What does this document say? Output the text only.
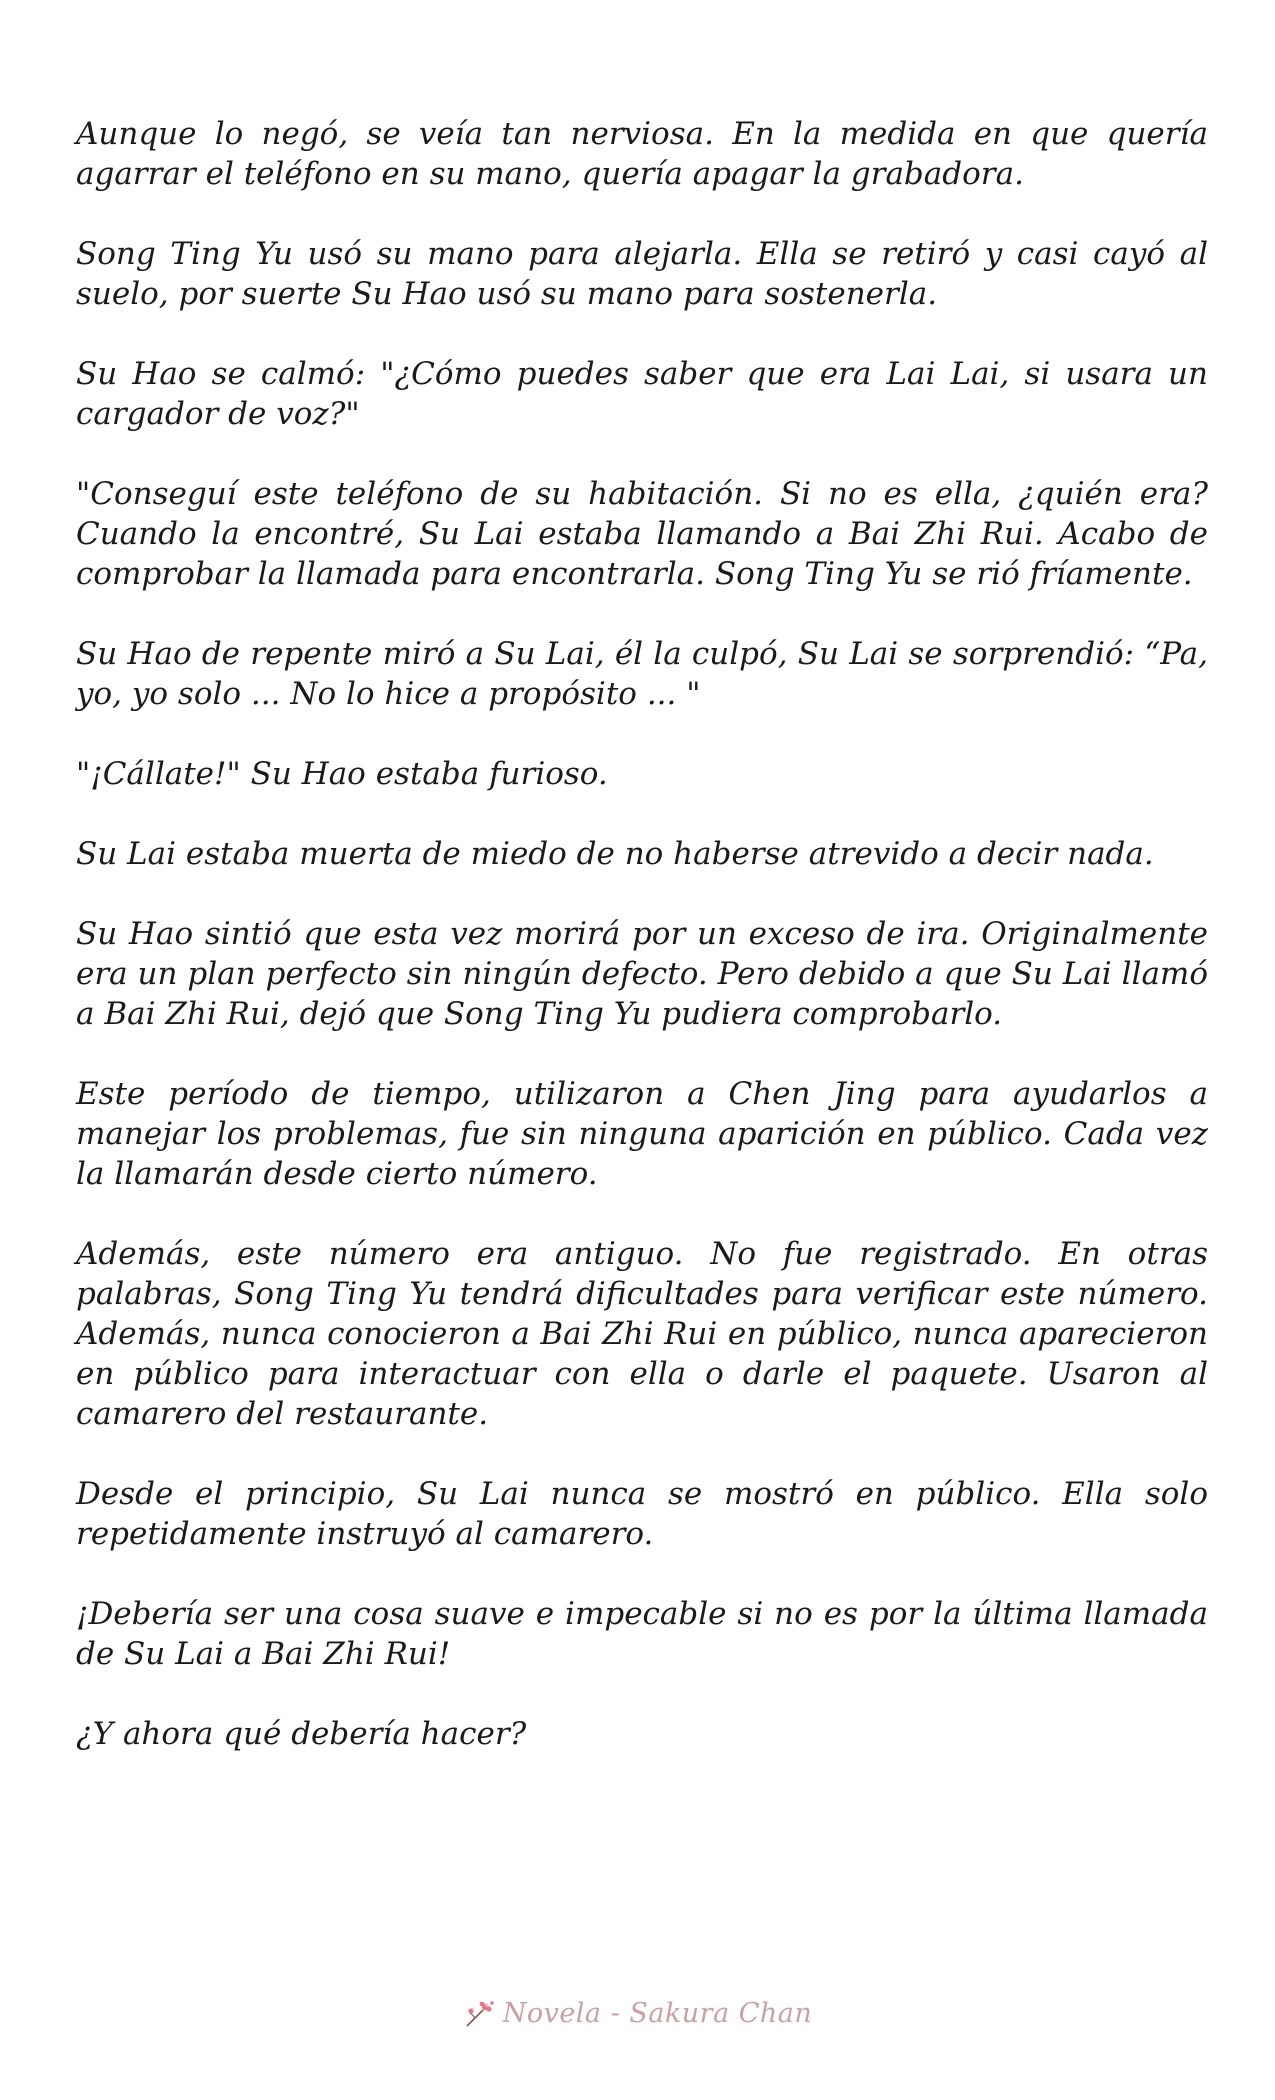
Aunque lo negó, se veía tan nerviosa. En la medida en que quería agarrar el teléfono en su mano, quería apagar la grabadora.

Song Ting Yu usó su mano para alejarla. Ella se retiró y casi cayó al suelo, por suerte Su Hao usó su mano para sostenerla.

Su Hao se calmó: "¿Cómo puedes saber que era Lai Lai, si usara un cargador de voz?"

"Conseguí este teléfono de su habitación. Si no es ella, ¿quién era? Cuando la encontré, Su Lai estaba llamando a Bai Zhi Rui. Acabo de comprobar la llamada para encontrarla. Song Ting Yu se rió fríamente.

Su Hao de repente miró a Su Lai, él la culpó, Su Lai se sorprendió: “Pa, yo, yo solo ... No lo hice a propósito ... "

"¡Cállate!" Su Hao estaba furioso.

Su Lai estaba muerta de miedo de no haberse atrevido a decir nada.

Su Hao sintió que esta vez morirá por un exceso de ira. Originalmente era un plan perfecto sin ningún defecto. Pero debido a que Su Lai llamó a Bai Zhi Rui, dejó que Song Ting Yu pudiera comprobarlo.

Este período de tiempo, utilizaron a Chen Jing para ayudarlos a manejar los problemas, fue sin ninguna aparición en público. Cada vez la llamarán desde cierto número.

Además, este número era antiguo. No fue registrado. En otras palabras, Song Ting Yu tendrá dificultades para verificar este número. Además, nunca conocieron a Bai Zhi Rui en público, nunca aparecieron en público para interactuar con ella o darle el paquete. Usaron al camarero del restaurante.

Desde el principio, Su Lai nunca se mostró en público. Ella solo repetidamente instruyó al camarero.

¡Debería ser una cosa suave e impecable si no es por la última llamada de Su Lai a Bai Zhi Rui!

¿Y ahora qué debería hacer?

Novela - Sakura Chan
